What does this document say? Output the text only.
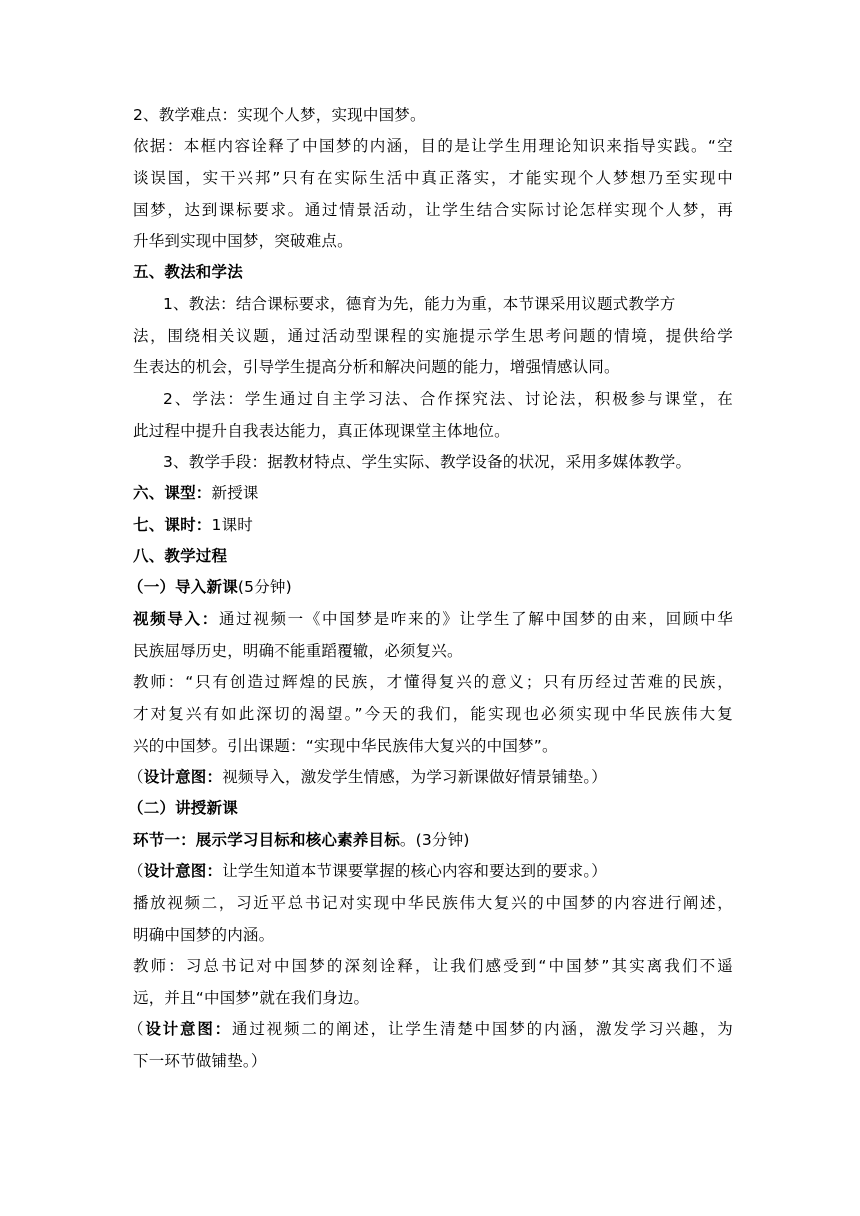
2、教学难点：实现个人梦，实现中国梦。
依据：本框内容诠释了中国梦的内涵，目的是让学生用理论知识来指导实践。“空
谈误国，实干兴邦”只有在实际生活中真正落实，才能实现个人梦想乃至实现中
国梦，达到课标要求。通过情景活动，让学生结合实际讨论怎样实现个人梦，再
升华到实现中国梦，突破难点。
五、教法和学法
1、教法：结合课标要求，德育为先，能力为重，本节课采用议题式教学方
法，围绕相关议题，通过活动型课程的实施提示学生思考问题的情境，提供给学
生表达的机会，引导学生提高分析和解决问题的能力，增强情感认同。
2、学法：学生通过自主学习法、合作探究法、讨论法，积极参与课堂，在
此过程中提升自我表达能力，真正体现课堂主体地位。
3、教学手段：据教材特点、学生实际、教学设备的状况，采用多媒体教学。
六、课型：新授课
七、课时：1课时
八、教学过程
（一）导入新课(5分钟)
视频导入：通过视频一《中国梦是咋来的》让学生了解中国梦的由来，回顾中华
民族屈辱历史，明确不能重蹈覆辙，必须复兴。
教师：“只有创造过辉煌的民族，才懂得复兴的意义；只有历经过苦难的民族，
才对复兴有如此深切的渴望。”今天的我们，能实现也必须实现中华民族伟大复
兴的中国梦。引出课题：“实现中华民族伟大复兴的中国梦”。
（设计意图：视频导入，激发学生情感，为学习新课做好情景铺垫。）
（二）讲授新课
环节一：展示学习目标和核心素养目标。(3分钟)
（设计意图：让学生知道本节课要掌握的核心内容和要达到的要求。）
播放视频二，习近平总书记对实现中华民族伟大复兴的中国梦的内容进行阐述，
明确中国梦的内涵。
教师：习总书记对中国梦的深刻诠释，让我们感受到“中国梦”其实离我们不遥
远，并且“中国梦”就在我们身边。
（设计意图：通过视频二的阐述，让学生清楚中国梦的内涵，激发学习兴趣，为
下一环节做铺垫。）
